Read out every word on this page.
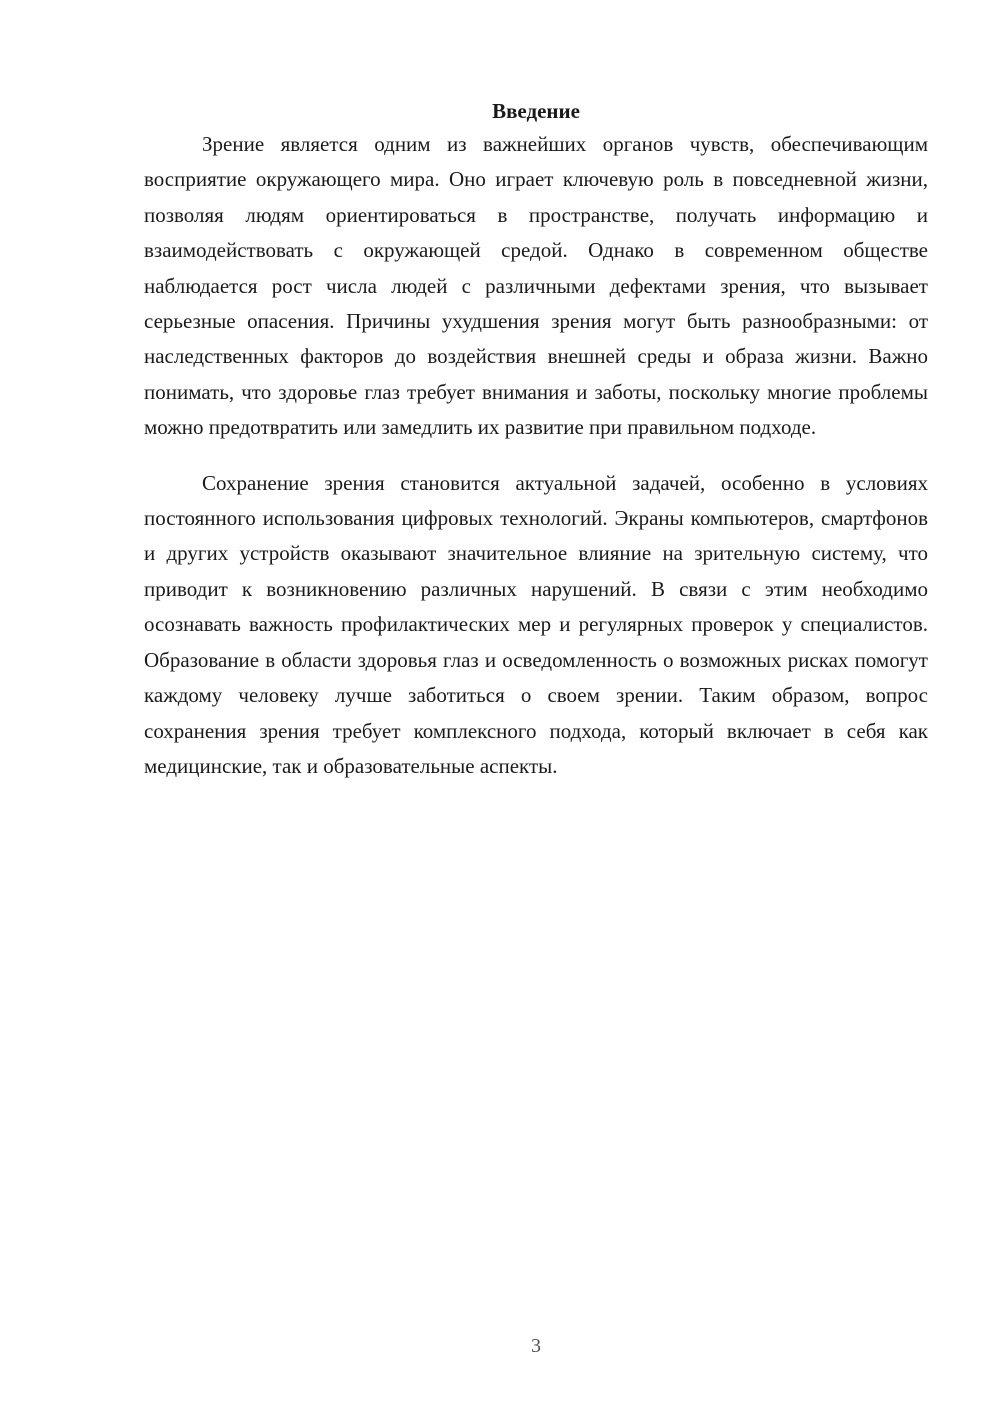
Введение

Зрение является одним из важнейших органов чувств, обеспечивающим восприятие окружающего мира. Оно играет ключевую роль в повседневной жизни, позволяя людям ориентироваться в пространстве, получать информацию и взаимодействовать с окружающей средой. Однако в современном обществе наблюдается рост числа людей с различными дефектами зрения, что вызывает серьезные опасения. Причины ухудшения зрения могут быть разнообразными: от наследственных факторов до воздействия внешней среды и образа жизни. Важно понимать, что здоровье глаз требует внимания и заботы, поскольку многие проблемы можно предотвратить или замедлить их развитие при правильном подходе.

Сохранение зрения становится актуальной задачей, особенно в условиях постоянного использования цифровых технологий. Экраны компьютеров, смартфонов и других устройств оказывают значительное влияние на зрительную систему, что приводит к возникновению различных нарушений. В связи с этим необходимо осознавать важность профилактических мер и регулярных проверок у специалистов. Образование в области здоровья глаз и осведомленность о возможных рисках помогут каждому человеку лучше заботиться о своем зрении. Таким образом, вопрос сохранения зрения требует комплексного подхода, который включает в себя как медицинские, так и образовательные аспекты.

3
